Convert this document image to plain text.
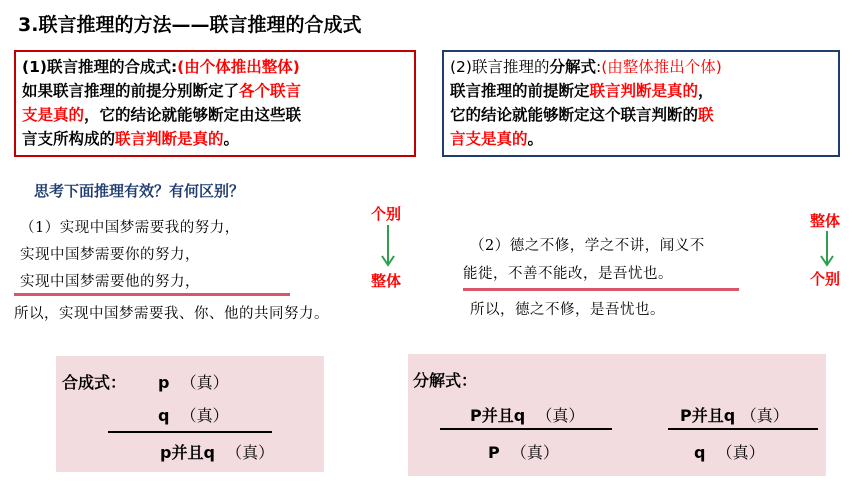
3.联言推理的方法——联言推理的合成式
(1)联言推理的合成式:(由个体推出整体)
如果联言推理的前提分别断定了各个联言
支是真的，它的结论就能够断定由这些联
言支所构成的联言判断是真的。
(2)联言推理的分解式:(由整体推出个体)
联言推理的前提断定联言判断是真的，
它的结论就能够断定这个联言判断的联
言支是真的。
思考下面推理有效？有何区别？
（1）实现中国梦需要我的努力，
实现中国梦需要你的努力，
实现中国梦需要他的努力，
所以，实现中国梦需要我、你、他的共同努力。
个别
整体
（2）德之不修，学之不讲，闻义不
能徙，不善不能改，是吾忧也。
所以，德之不修，是吾忧也。
整体
个别
合成式： p （真）
q （真）
p并且q （真）
分解式：
P并且q （真）	P并且q （真）
P （真）	q （真）
